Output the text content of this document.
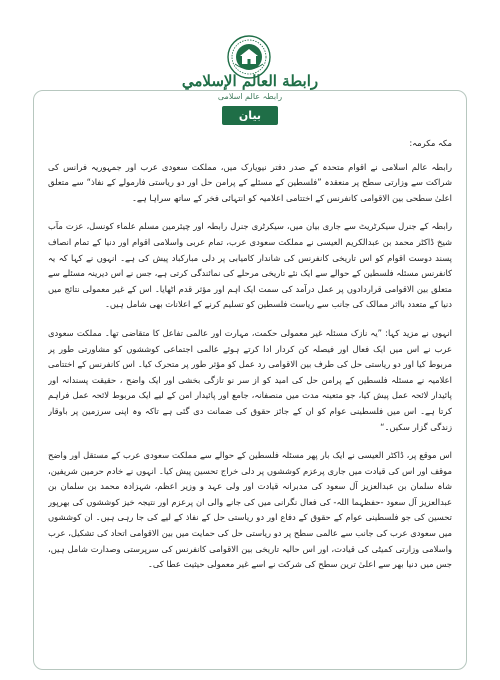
رابطة العالم الإسلامي
رابطہ عالم اسلامی
بیان

مکہ مکرمہ:

رابطہ عالم اسلامی نے اقوام متحدہ کے صدر دفتر نیویارک میں، مملکت سعودی عرب اور جمہوریہ فرانس کی شراکت سے وزارتی سطح پر منعقدہ ”فلسطین کے مسئلے کے پرامن حل اور دو ریاستی فارمولے کے نفاذ“ سے متعلق اعلیٰ سطحی بین الاقوامی کانفرنس کے اختتامی اعلامیہ کو انتہائی فخر کے ساتھ سراہا ہے۔

رابطہ کے جنرل سیکرٹریٹ سے جاری بیان میں، سیکرٹری جنرل رابطہ اور چیئرمین مسلم علماء کونسل، عزت مآب شیخ ڈاکٹر محمد بن عبدالکریم العیسی نے مملکت سعودی عرب، تمام عربی واسلامی اقوام اور دنیا کے تمام انصاف پسند دوست اقوام کو اس تاریخی کانفرنس کی شاندار کامیابی پر دلی مبارکباد پیش کی ہے۔ انہوں نے کہا کہ یہ کانفرنس مسئلہ فلسطین کے حوالے سے ایک نئے تاریخی مرحلے کی نمائندگی کرتی ہے، جس نے اس دیرینہ مسئلے سے متعلق بین الاقوامی قراردادوں پر عمل درآمد کی سمت ایک اہم اور مؤثر قدم اٹھایا۔ اس کے غیر معمولی نتائج میں دنیا کے متعدد بااثر ممالک کی جانب سے ریاست فلسطین کو تسلیم کرنے کے اعلانات بھی شامل ہیں۔

انہوں نے مزید کہا: ”یہ نازک مسئلہ غیر معمولی حکمت، مہارت اور عالمی تفاعل کا متقاضی تھا۔ مملکت سعودی عرب نے اس میں ایک فعال اور فیصلہ کن کردار ادا کرتے ہوئے عالمی اجتماعی کوششوں کو مشاورتی طور پر مربوط کیا اور دو ریاستی حل کی طرف بین الاقوامی رد عمل کو مؤثر طور پر متحرک کیا۔ اس کانفرنس کے اختتامی اعلامیہ نے مسئلہ فلسطین کے پرامن حل کی امید کو از سر نو تازگی بخشی اور ایک واضح ، حقیقت پسندانہ اور پائیدار لائحہ عمل پیش کیا، جو متعینہ مدت میں منصفانہ، جامع اور پائیدار امن کے لیے ایک مربوط لائحہ عمل فراہم کرتا ہے۔ اس میں فلسطینی عوام کو ان کے جائز حقوق کی ضمانت دی گئی ہے تاکہ وہ اپنی سرزمین پر باوقار زندگی گزار سکیں۔“

اس موقع پر، ڈاکٹر العیسی نے ایک بار پھر مسئلہ فلسطین کے حوالے سے مملکت سعودی عرب کے مستقل اور واضح موقف اور اس کی قیادت میں جاری پرعزم کوششوں پر دلی خراج تحسین پیش کیا۔ انہوں نے خادم حرمین شریفین، شاہ سلمان بن عبدالعزیز آل سعود کی مدبرانہ قیادت اور ولی عہد و وزیر اعظم، شہزادہ محمد بن سلمان بن عبدالعزیز آل سعود -حفظہما اللہ- کی فعال نگرانی میں کی جانے والی ان پرعزم اور نتیجہ خیز کوششوں کی بھرپور تحسین کی جو فلسطینی عوام کے حقوق کے دفاع اور دو ریاستی حل کے نفاذ کے لیے کی جا رہی ہیں۔ ان کوششوں میں سعودی عرب کی جانب سے عالمی سطح پر دو ریاستی حل کی حمایت میں بین الاقوامی اتحاد کی تشکیل، عرب واسلامی وزارتی کمیٹی کی قیادت، اور اس حالیہ تاریخی بین الاقوامی کانفرنس کی سرپرستی وصدارت شامل ہیں، جس میں دنیا بھر سے اعلیٰ ترین سطح کی شرکت نے اسے غیر معمولی حیثیت عطا کی۔
